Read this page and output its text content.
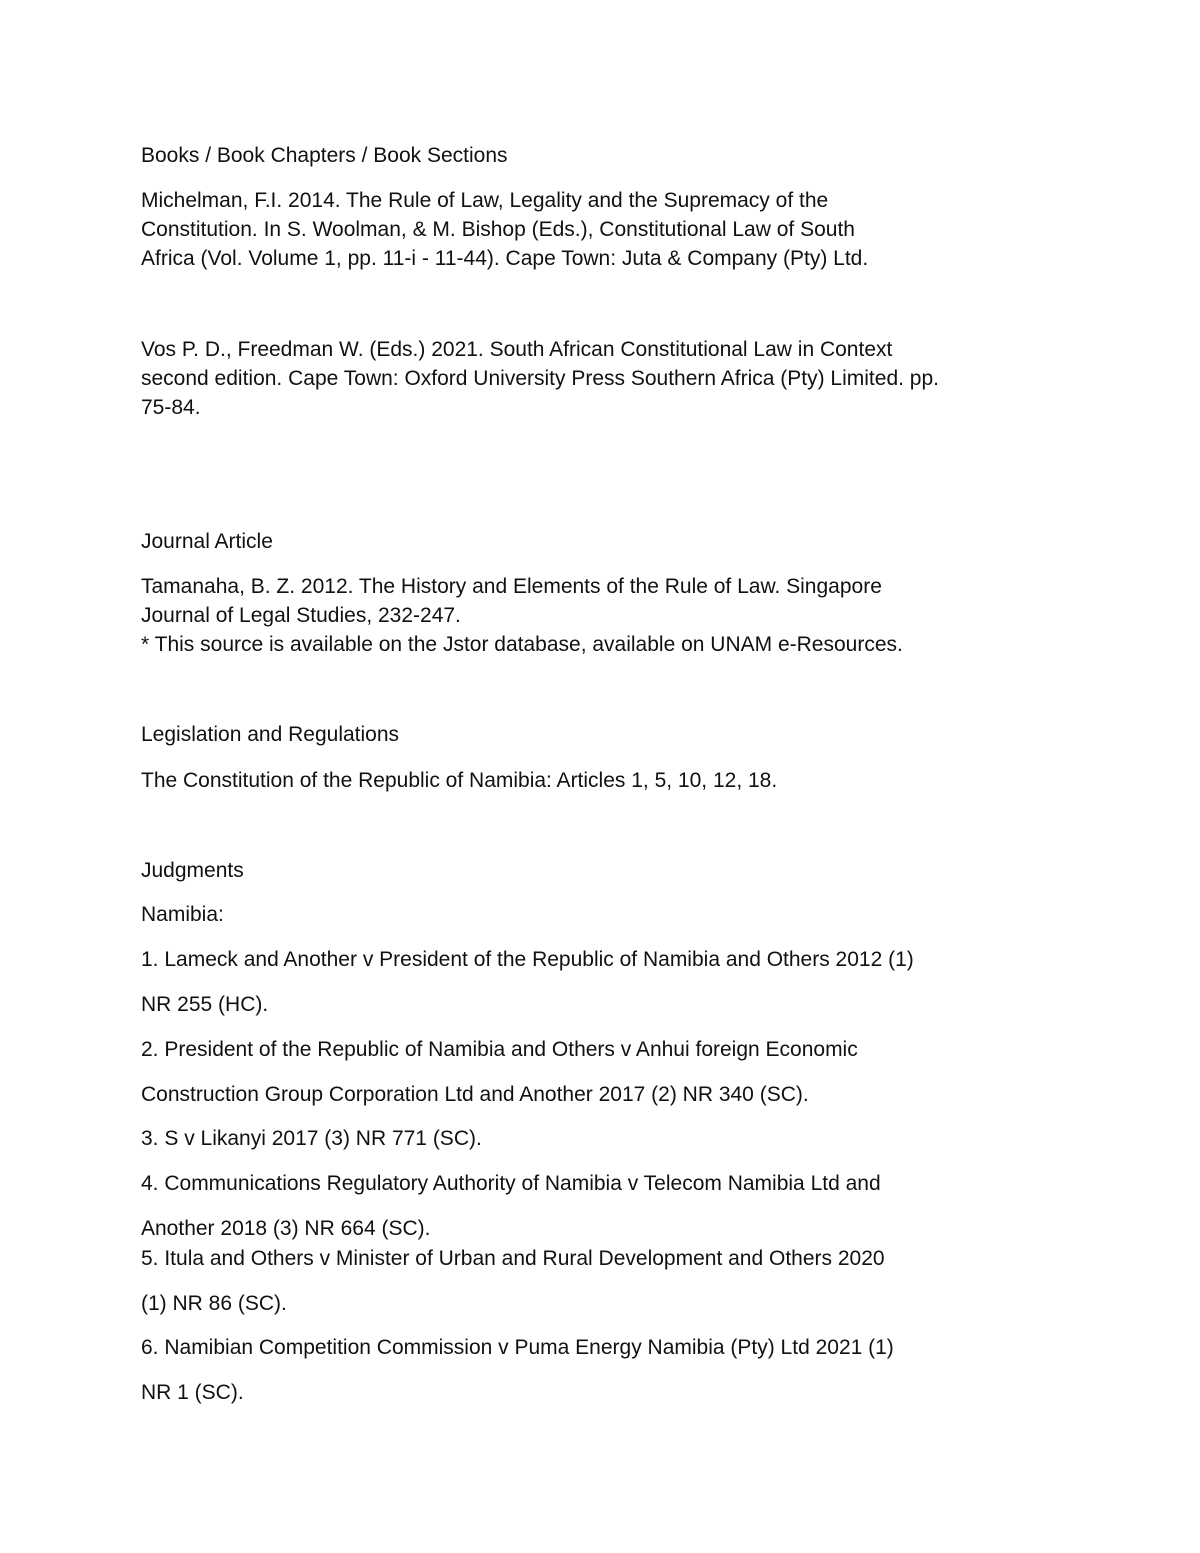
Books / Book Chapters / Book Sections

Michelman, F.I. 2014. The Rule of Law, Legality and the Supremacy of the

Constitution. In S. Woolman, & M. Bishop (Eds.), Constitutional Law of South

Africa (Vol. Volume 1, pp. 11-i - 11-44). Cape Town: Juta & Company (Pty) Ltd.

Vos P. D., Freedman W. (Eds.) 2021. South African Constitutional Law in Context

second edition. Cape Town: Oxford University Press Southern Africa (Pty) Limited. pp.

75-84.

Journal Article

Tamanaha, B. Z. 2012. The History and Elements of the Rule of Law. Singapore

Journal of Legal Studies, 232-247.

* This source is available on the Jstor database, available on UNAM e-Resources.

Legislation and Regulations

The Constitution of the Republic of Namibia: Articles 1, 5, 10, 12, 18.

Judgments

Namibia:

1. Lameck and Another v President of the Republic of Namibia and Others 2012 (1)

NR 255 (HC).

2. President of the Republic of Namibia and Others v Anhui foreign Economic

Construction Group Corporation Ltd and Another 2017 (2) NR 340 (SC).

3. S v Likanyi 2017 (3) NR 771 (SC).

4. Communications Regulatory Authority of Namibia v Telecom Namibia Ltd and

Another 2018 (3) NR 664 (SC).

5. Itula and Others v Minister of Urban and Rural Development and Others 2020

(1) NR 86 (SC).

6. Namibian Competition Commission v Puma Energy Namibia (Pty) Ltd 2021 (1)

NR 1 (SC).
